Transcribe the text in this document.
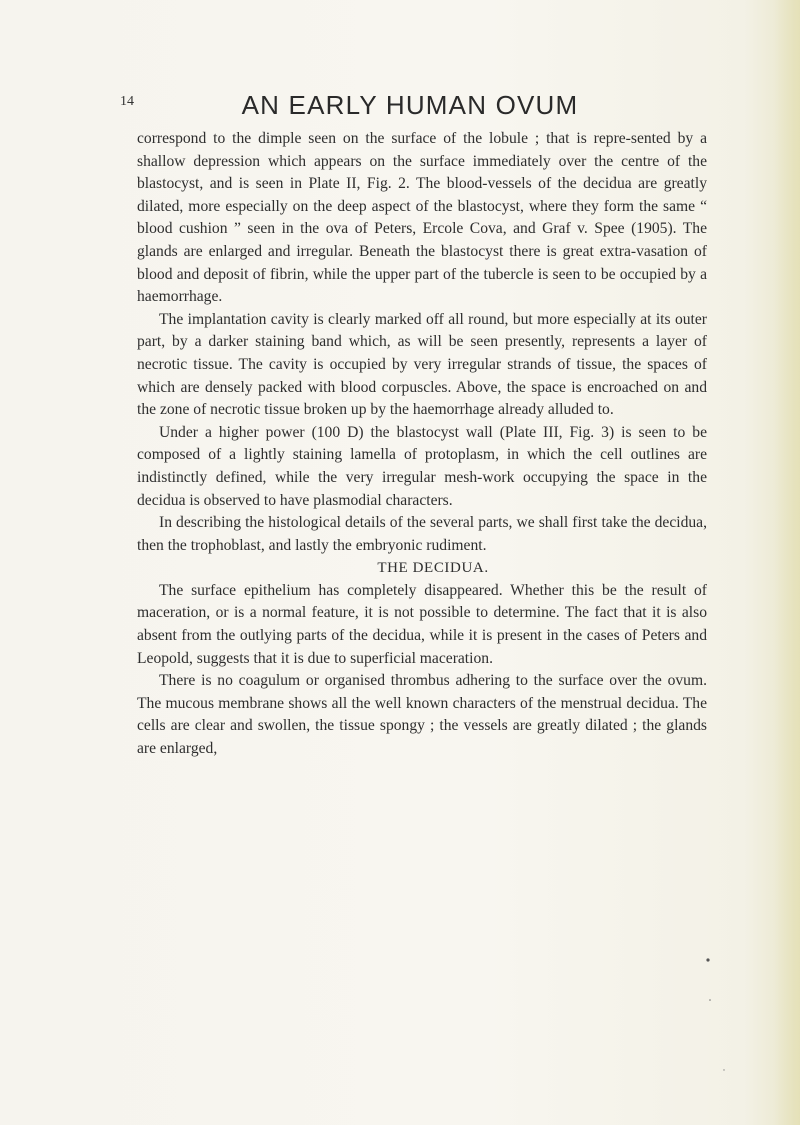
14	AN EARLY HUMAN OVUM

correspond to the dimple seen on the surface of the lobule ; that is repre-sented by a shallow depression which appears on the surface immediately over the centre of the blastocyst, and is seen in Plate II, Fig. 2. The blood-vessels of the decidua are greatly dilated, more especially on the deep aspect of the blastocyst, where they form the same “ blood cushion ” seen in the ova of Peters, Ercole Cova, and Graf v. Spee (1905). The glands are enlarged and irregular. Beneath the blastocyst there is great extra-vasation of blood and deposit of fibrin, while the upper part of the tubercle is seen to be occupied by a haemorrhage.

The implantation cavity is clearly marked off all round, but more especially at its outer part, by a darker staining band which, as will be seen presently, represents a layer of necrotic tissue. The cavity is occupied by very irregular strands of tissue, the spaces of which are densely packed with blood corpuscles. Above, the space is encroached on and the zone of necrotic tissue broken up by the haemorrhage already alluded to.

Under a higher power (100 D) the blastocyst wall (Plate III, Fig. 3) is seen to be composed of a lightly staining lamella of protoplasm, in which the cell outlines are indistinctly defined, while the very irregular mesh-work occupying the space in the decidua is observed to have plasmodial characters.

In describing the histological details of the several parts, we shall first take the decidua, then the trophoblast, and lastly the embryonic rudiment.

THE DECIDUA.

The surface epithelium has completely disappeared. Whether this be the result of maceration, or is a normal feature, it is not possible to determine. The fact that it is also absent from the outlying parts of the decidua, while it is present in the cases of Peters and Leopold, suggests that it is due to superficial maceration.

There is no coagulum or organised thrombus adhering to the surface over the ovum. The mucous membrane shows all the well known characters of the menstrual decidua. The cells are clear and swollen, the tissue spongy ; the vessels are greatly dilated ; the glands are enlarged,
